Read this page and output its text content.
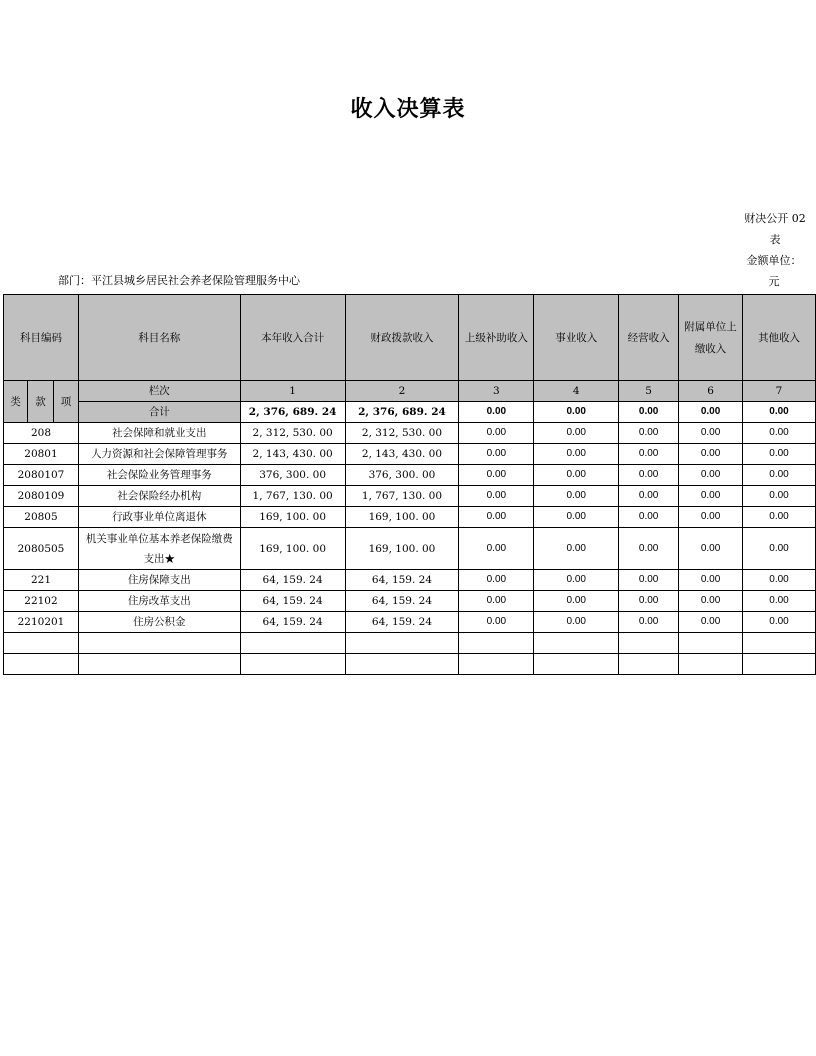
收入决算表
财决公开 02 表
金额单位：元
部门：平江县城乡居民社会养老保险管理服务中心
科目编码			科目名称	本年收入合计	财政拨款收入	上级补助收入	事业收入	经营收入	附属单位上缴收入	其他收入
类	款	项	栏次	1	2	3	4	5	6	7
			合计	2, 376, 689. 24	2, 376, 689. 24	0.00	0.00	0.00	0.00	0.00
208			社会保障和就业支出	2, 312, 530. 00	2, 312, 530. 00	0.00	0.00	0.00	0.00	0.00
20801			人力资源和社会保障管理事务	2, 143, 430. 00	2, 143, 430. 00	0.00	0.00	0.00	0.00	0.00
2080107			社会保险业务管理事务	376, 300. 00	376, 300. 00	0.00	0.00	0.00	0.00	0.00
2080109			社会保险经办机构	1, 767, 130. 00	1, 767, 130. 00	0.00	0.00	0.00	0.00	0.00
20805			行政事业单位离退休	169, 100. 00	169, 100. 00	0.00	0.00	0.00	0.00	0.00
2080505			机关事业单位基本养老保险缴费支出★	169, 100. 00	169, 100. 00	0.00	0.00	0.00	0.00	0.00
221			住房保障支出	64, 159. 24	64, 159. 24	0.00	0.00	0.00	0.00	0.00
22102			住房改革支出	64, 159. 24	64, 159. 24	0.00	0.00	0.00	0.00	0.00
2210201			住房公积金	64, 159. 24	64, 159. 24	0.00	0.00	0.00	0.00	0.00
